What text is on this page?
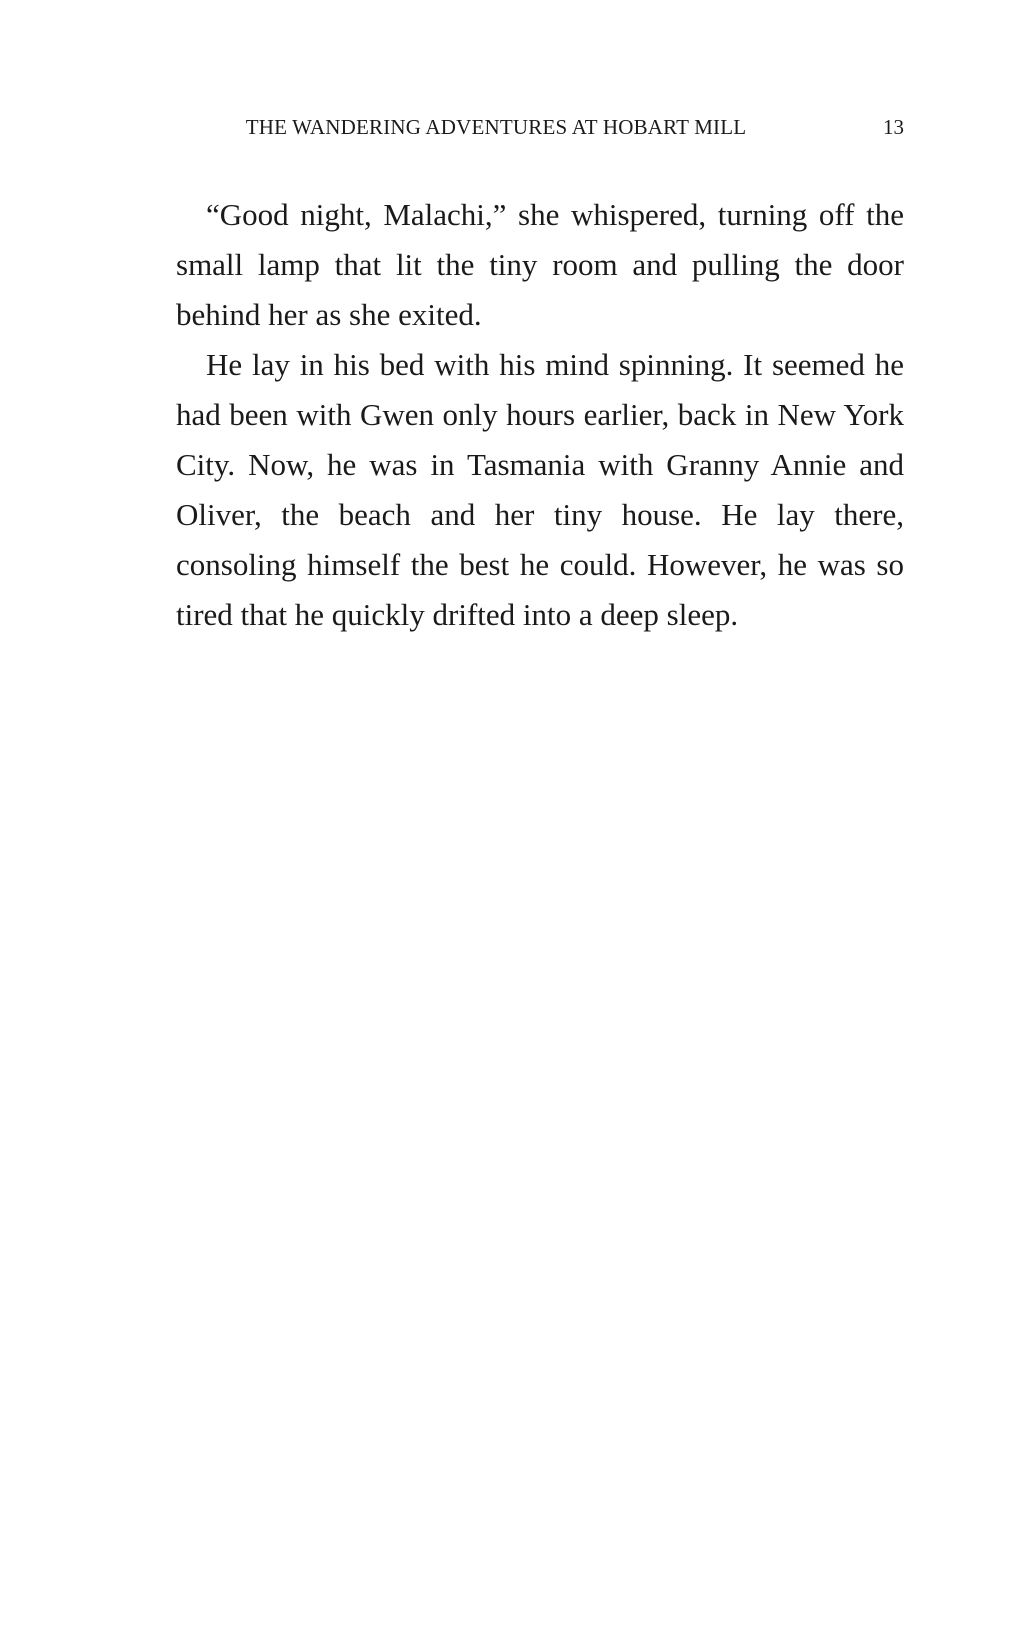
THE WANDERING ADVENTURES AT HOBART MILL	13

“Good night, Malachi,” she whispered, turning off the small lamp that lit the tiny room and pulling the door behind her as she exited.

He lay in his bed with his mind spinning. It seemed he had been with Gwen only hours earlier, back in New York City. Now, he was in Tasmania with Granny Annie and Oliver, the beach and her tiny house. He lay there, consoling himself the best he could. However, he was so tired that he quickly drifted into a deep sleep.
